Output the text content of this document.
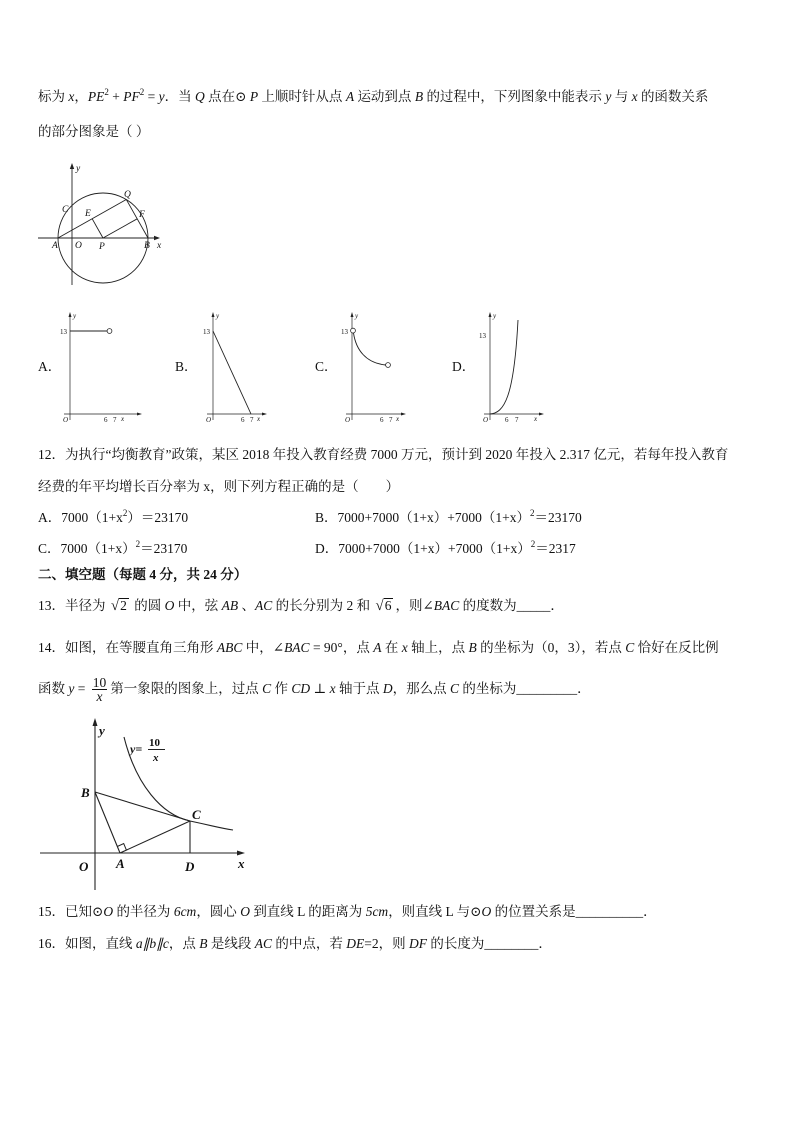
标为 x，$PE^2 + PF^2 = y$．当 Q 点在⊙ P 上顺时针从点 A 运动到点 B 的过程中，下列图象中能表示 y 与 x 的函数关系
的部分图象是（ ）
y
x
C E
Q
F
A O P	B
A．
y
13
O	6 7 x
B．
y
13
O	6 7 x
C．
y
13
O	6 7 x
D．
y
13
O 6 7 x
12．为执行“均衡教育”政策，某区 2018 年投入教育经费 7000 万元，预计到 2020 年投入 2.317 亿元，若每年投入教育
经费的年平均增长百分率为 x，则下列方程正确的是（　　）
A．$7000(1+x^2)=23170$	B．$7000+7000(1+x)+7000(1+x)^2=23170$
C．$7000(1+x)^2=23170$	D．$7000+7000(1+x)+7000(1+x)^2=2317$
二、填空题（每题 4 分，共 24 分）
13．半径为 √2 的圆 O 中，弦 AB 、AC 的长分别为 2 和 √6 ，则∠BAC 的度数为_____．
14．如图，在等腰直角三角形 ABC 中，∠BAC = 90°，点 A 在 x 轴上，点 B 的坐标为（0，3），若点 C 恰好在反比例
函数 $y = \frac{10}{x}$ 第一象限的图象上，过点 C 作 CD ⊥ x 轴于点 D，那么点 C 的坐标为_________．
y
x
O
B
A
C
D
y= 10
x
15．已知⊙O 的半径为 6cm，圆心 O 到直线 L 的距离为 5cm，则直线 L 与⊙O 的位置关系是__________．
16．如图，直线 a∥b∥c，点 B 是线段 AC 的中点，若 DE=2，则 DF 的长度为________．
